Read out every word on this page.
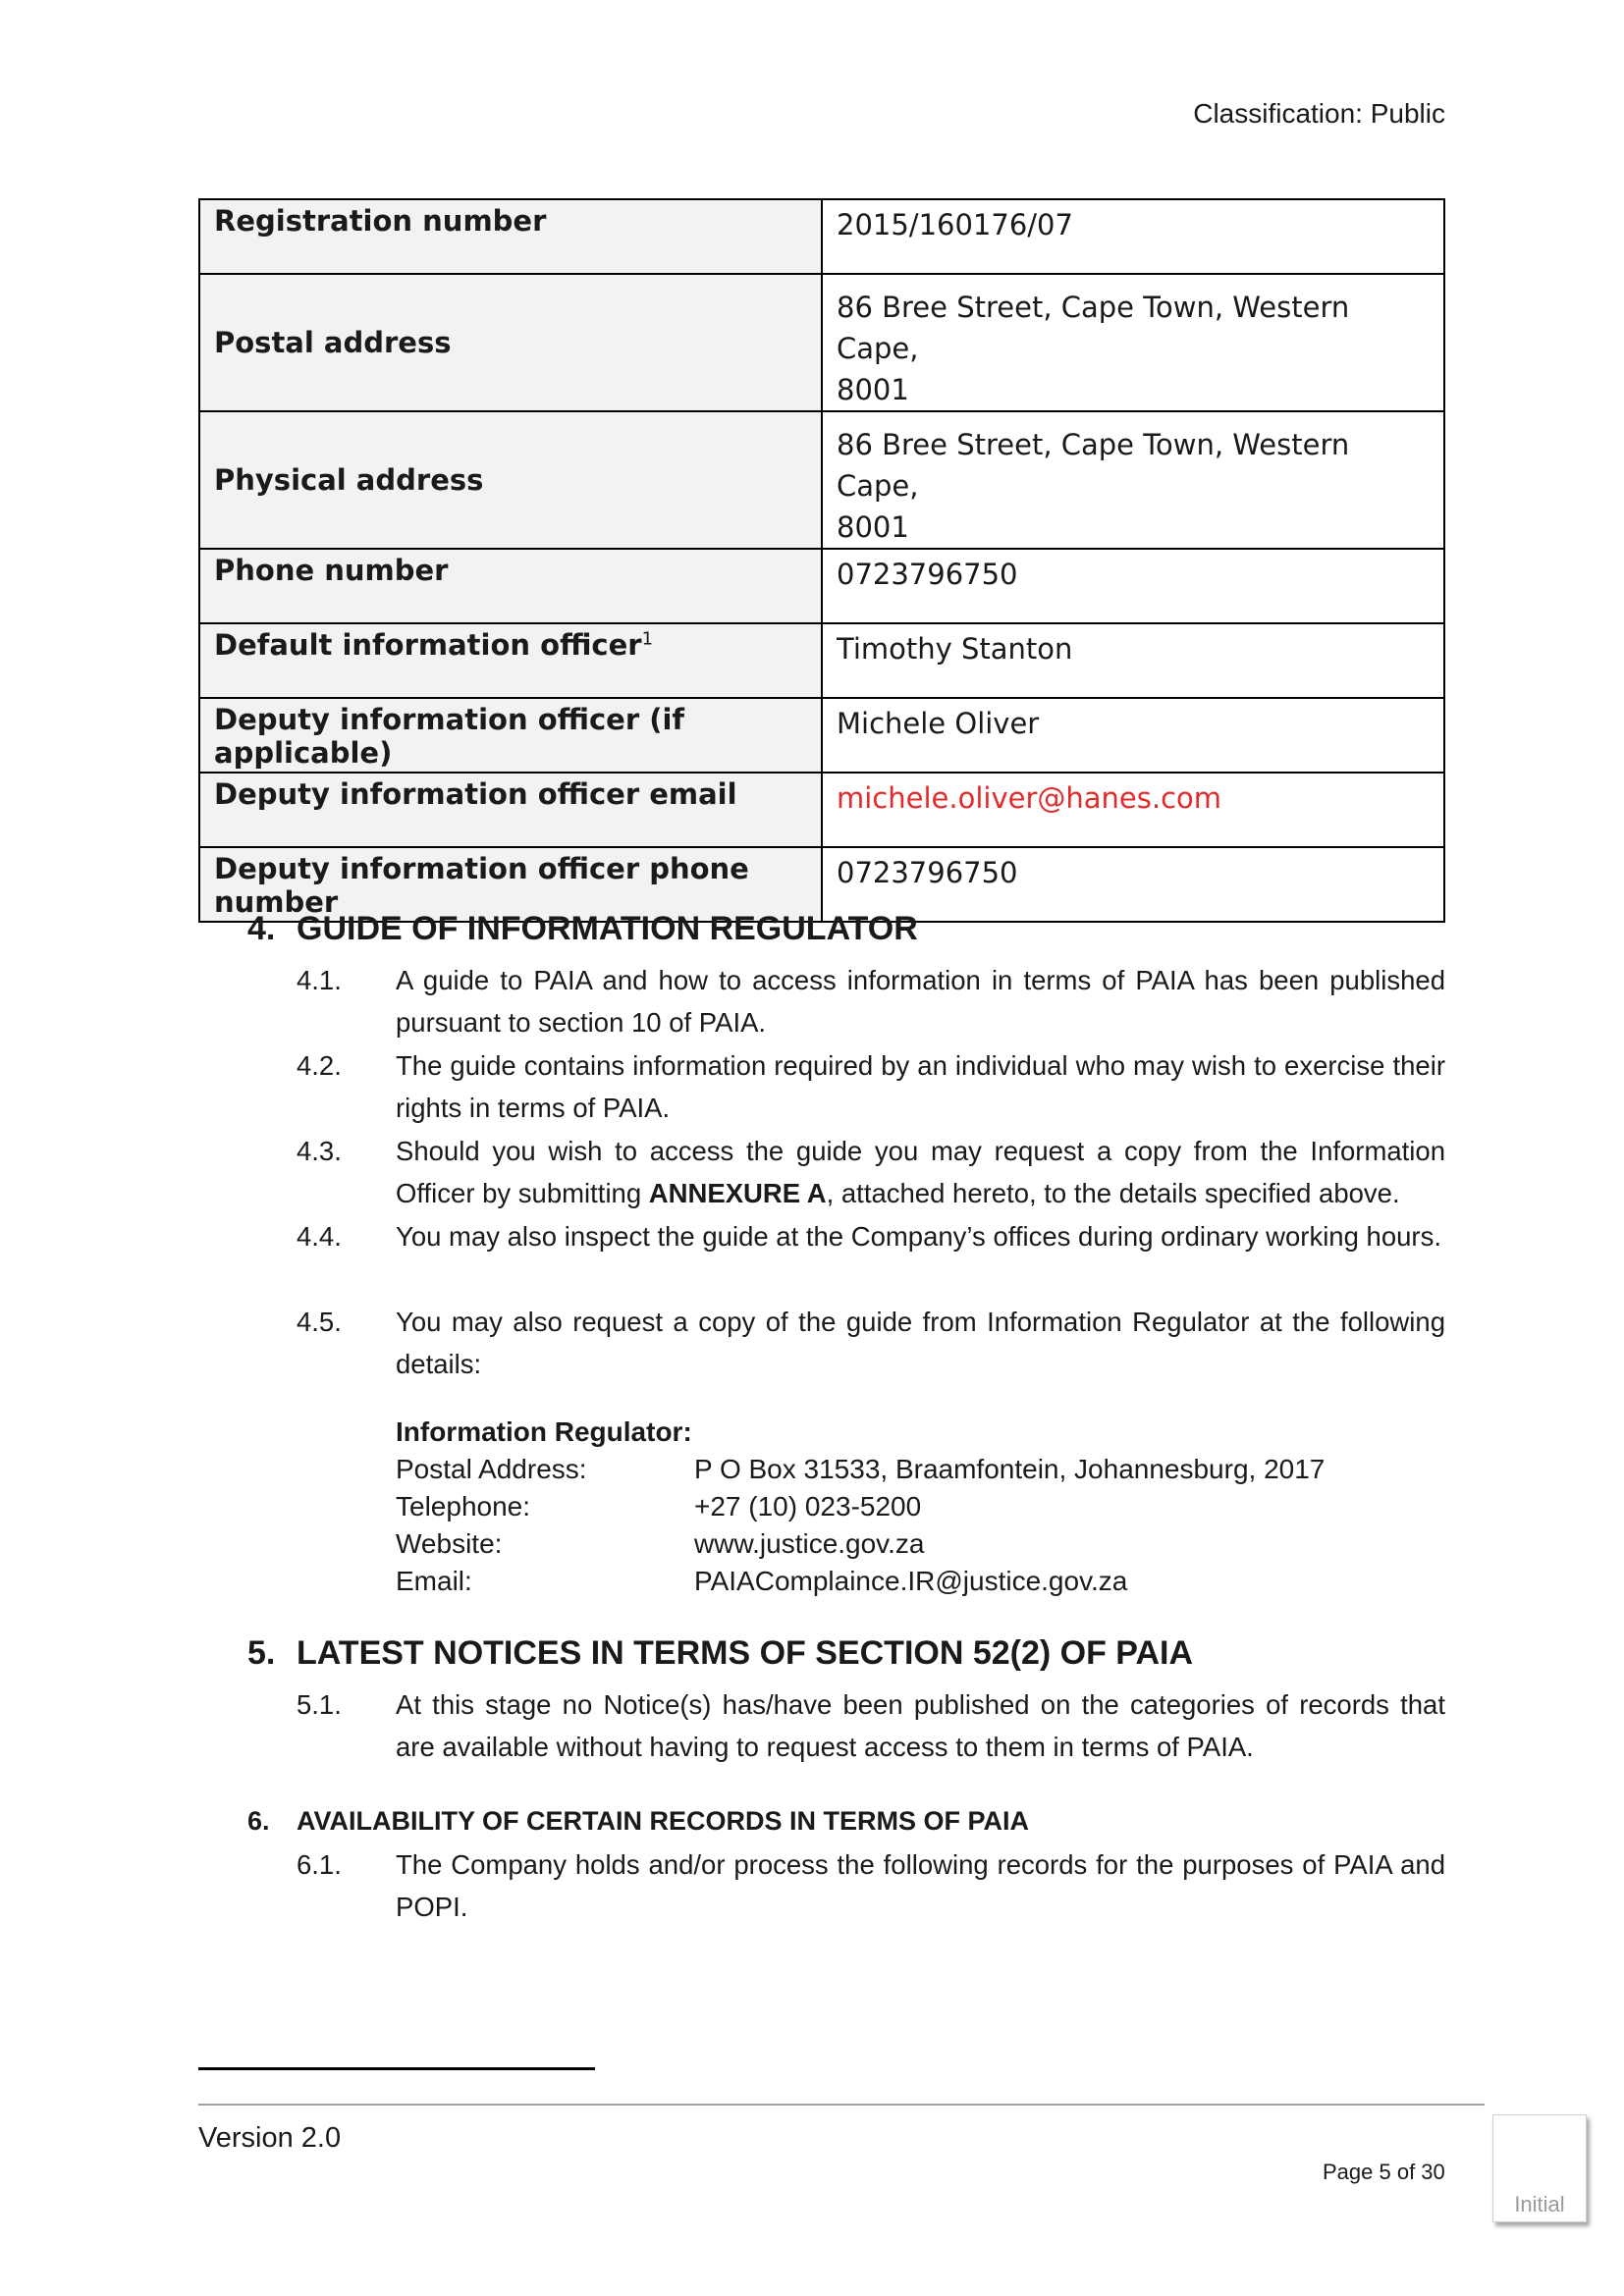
Classification: Public
Registration number	2015/160176/07
Postal address	86 Bree Street, Cape Town, Western Cape,
8001
Physical address	86 Bree Street, Cape Town, Western Cape,
8001
Phone number	0723796750
Default information officer$^1$	Timothy Stanton
Deputy information officer (if applicable)	Michele Oliver
Deputy information officer email	michele.oliver@hanes.com
Deputy information officer phone number	0723796750
4. GUIDE OF INFORMATION REGULATOR
4.1. A guide to PAIA and how to access information in terms of PAIA has been published pursuant to section 10 of PAIA.
4.2. The guide contains information required by an individual who may wish to exercise their rights in terms of PAIA.
4.3. Should you wish to access the guide you may request a copy from the Information Officer by submitting ANNEXURE A, attached hereto, to the details specified above.
4.4. You may also inspect the guide at the Company’s offices during ordinary working hours.
4.5. You may also request a copy of the guide from Information Regulator at the following details:
Information Regulator:
Postal Address:	P O Box 31533, Braamfontein, Johannesburg, 2017
Telephone:	+27 (10) 023-5200
Website:	www.justice.gov.za
Email:	PAIAComplaince.IR@justice.gov.za
5. LATEST NOTICES IN TERMS OF SECTION 52(2) OF PAIA
5.1. At this stage no Notice(s) has/have been published on the categories of records that are available without having to request access to them in terms of PAIA.
6. AVAILABILITY OF CERTAIN RECORDS IN TERMS OF PAIA
6.1. The Company holds and/or process the following records for the purposes of PAIA and POPI.
Version 2.0
Page 5 of 30
Initial
